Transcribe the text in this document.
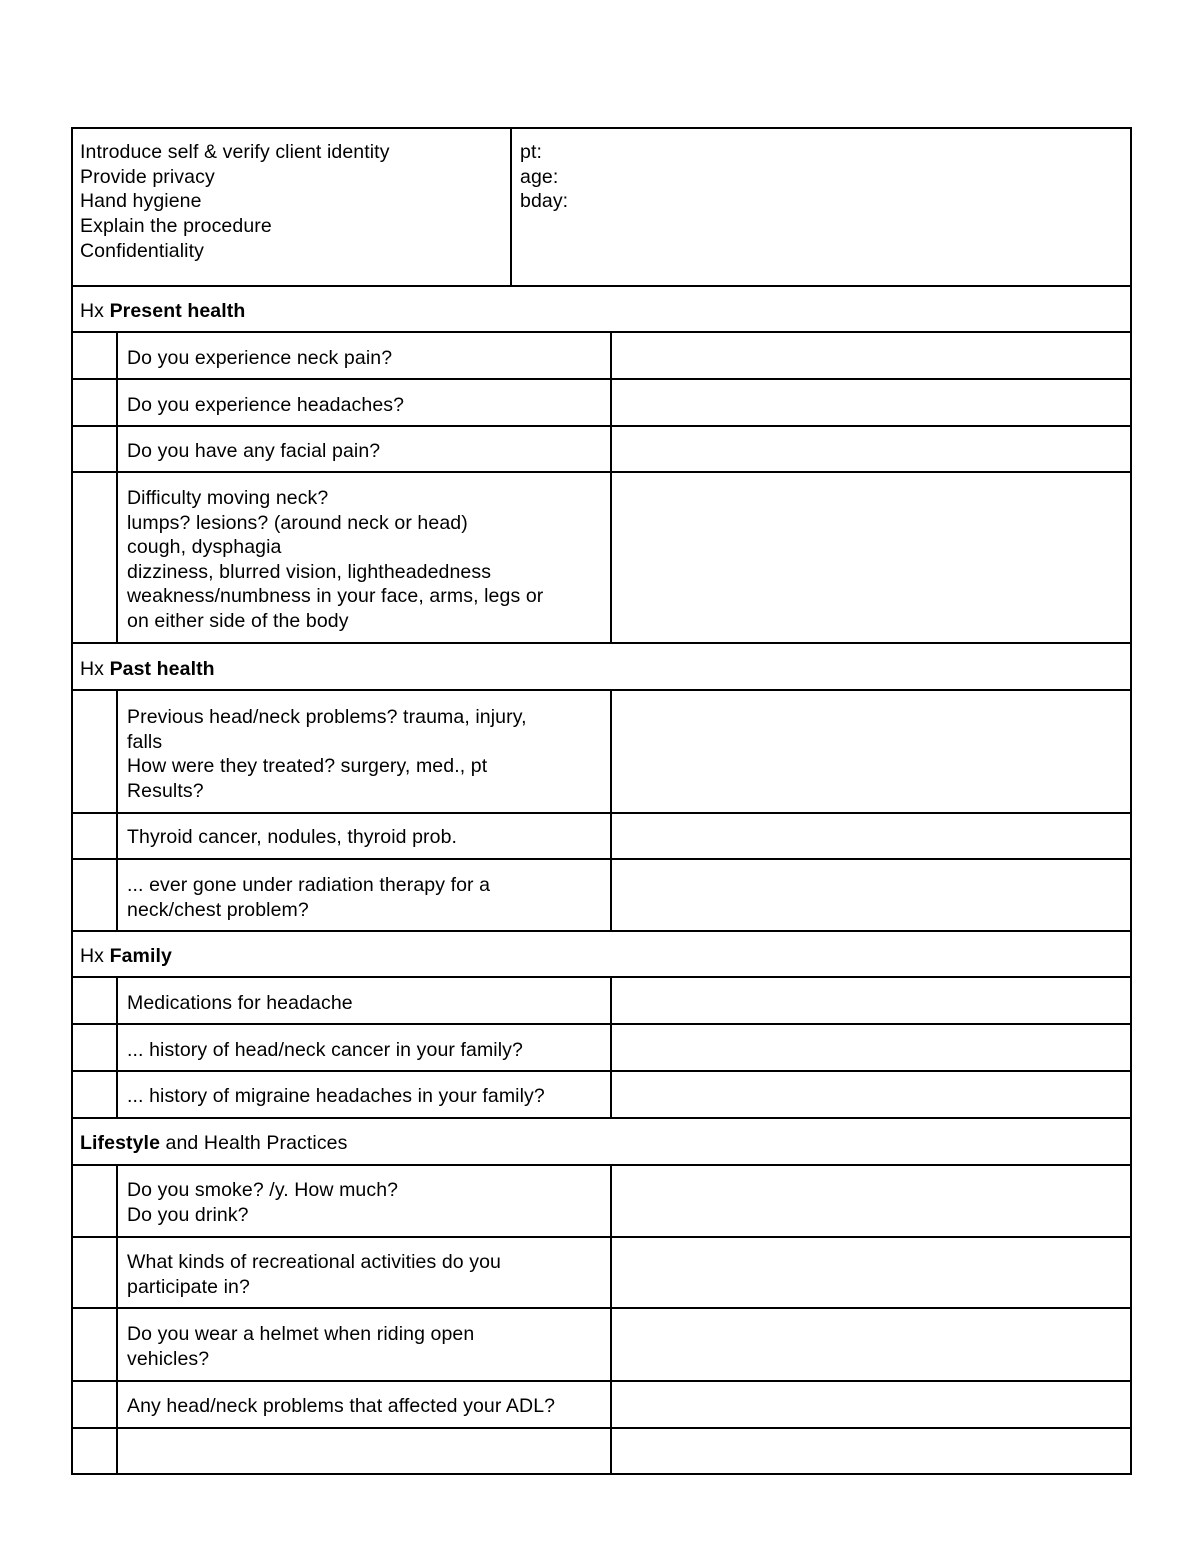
Introduce self & verify client identity
Provide privacy
Hand hygiene
Explain the procedure
Confidentiality
pt:
age:
bday:
Hx Present health
Do you experience neck pain?
Do you experience headaches?
Do you have any facial pain?
Difficulty moving neck?
lumps? lesions? (around neck or head)
cough, dysphagia
dizziness, blurred vision, lightheadedness
weakness/numbness in your face, arms, legs or
on either side of the body
Hx Past health
Previous head/neck problems? trauma, injury,
falls
How were they treated? surgery, med., pt
Results?
Thyroid cancer, nodules, thyroid prob.
... ever gone under radiation therapy for a
neck/chest problem?
Hx Family
Medications for headache
... history of head/neck cancer in your family?
... history of migraine headaches in your family?
Lifestyle and Health Practices
Do you smoke? /y. How much?
Do you drink?
What kinds of recreational activities do you
participate in?
Do you wear a helmet when riding open
vehicles?
Any head/neck problems that affected your ADL?
